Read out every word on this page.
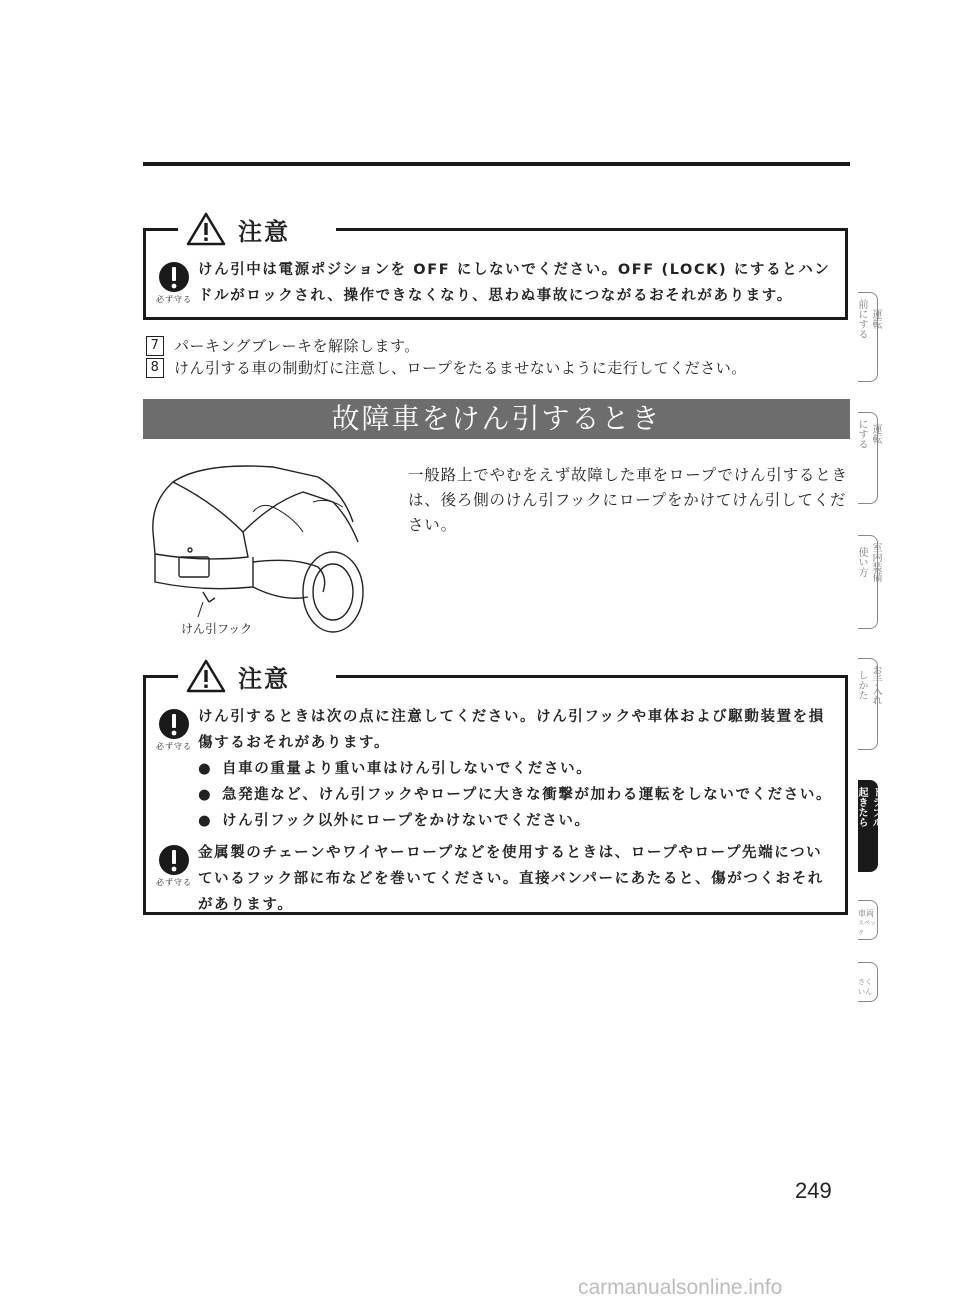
注意
必ず守る
けん引中は電源ポジションを OFF にしないでください。OFF (LOCK) にするとハンドルがロックされ、操作できなくなり、思わぬ事故につながるおそれがあります。
7 パーキングブレーキを解除します。
8 けん引する車の制動灯に注意し、ロープをたるませないように走行してください。
故障車をけん引するとき
けん引フック
一般路上でやむをえず故障した車をロープでけん引するときは、後ろ側のけん引フックにロープをかけてけん引してください。
注意
必ず守る
けん引するときは次の点に注意してください。けん引フックや車体および駆動装置を損傷するおそれがあります。
● 自車の重量より重い車はけん引しないでください。
● 急発進など、けん引フックやロープに大きな衝撃が加わる運転をしないでください。
● けん引フック以外にロープをかけないでください。
必ず守る
金属製のチェーンやワイヤーロープなどを使用するときは、ロープやロープ先端についているフック部に布などを巻いてください。直接バンパーにあたると、傷がつくおそれがあります。
前にする 運転
にする 運転
使い方 室内装備
しかた お手入れ
起きたら トラブル
車両
スペック
さくいん
249
carmanualsonline.info
